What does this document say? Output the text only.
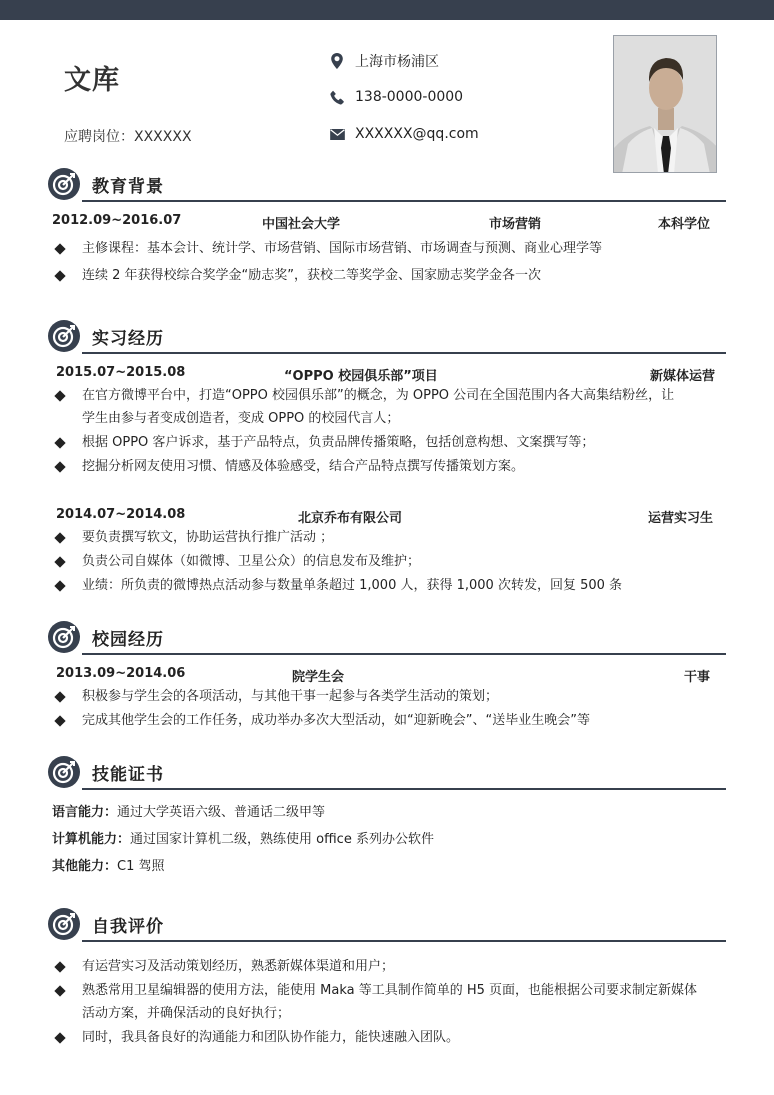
文库
应聘岗位：XXXXXX
上海市杨浦区
138-0000-0000
XXXXXX@qq.com
教育背景
2012.09~2016.07	中国社会大学	市场营销	本科学位
主修课程：基本会计、统计学、市场营销、国际市场营销、市场调查与预测、商业心理学等
连续 2 年获得校综合奖学金“励志奖”，获校二等奖学金、国家励志奖学金各一次
实习经历
2015.07~2015.08	“OPPO 校园俱乐部”项目	新媒体运营
在官方微博平台中，打造“OPPO 校园俱乐部”的概念，为 OPPO 公司在全国范围内各大高集结粉丝，让
学生由参与者变成创造者，变成 OPPO 的校园代言人；
根据 OPPO 客户诉求，基于产品特点，负责品牌传播策略，包括创意构想、文案撰写等；
挖掘分析网友使用习惯、情感及体验感受，结合产品特点撰写传播策划方案。
2014.07~2014.08	北京乔布有限公司	运营实习生
要负责撰写软文，协助运营执行推广活动 ；
负责公司自媒体（如微博、卫星公众）的信息发布及维护；
业绩：所负责的微博热点活动参与数量单条超过 1,000 人，获得 1,000 次转发，回复 500 条
校园经历
2013.09~2014.06	院学生会	干事
积极参与学生会的各项活动，与其他干事一起参与各类学生活动的策划；
完成其他学生会的工作任务，成功举办多次大型活动，如“迎新晚会”、“送毕业生晚会”等
技能证书
语言能力：通过大学英语六级、普通话二级甲等
计算机能力：通过国家计算机二级，熟练使用 office 系列办公软件
其他能力：C1 驾照
自我评价
有运营实习及活动策划经历，熟悉新媒体渠道和用户；
熟悉常用卫星编辑器的使用方法，能使用 Maka 等工具制作简单的 H5 页面，也能根据公司要求制定新媒体
活动方案，并确保活动的良好执行；
同时，我具备良好的沟通能力和团队协作能力，能快速融入团队。
